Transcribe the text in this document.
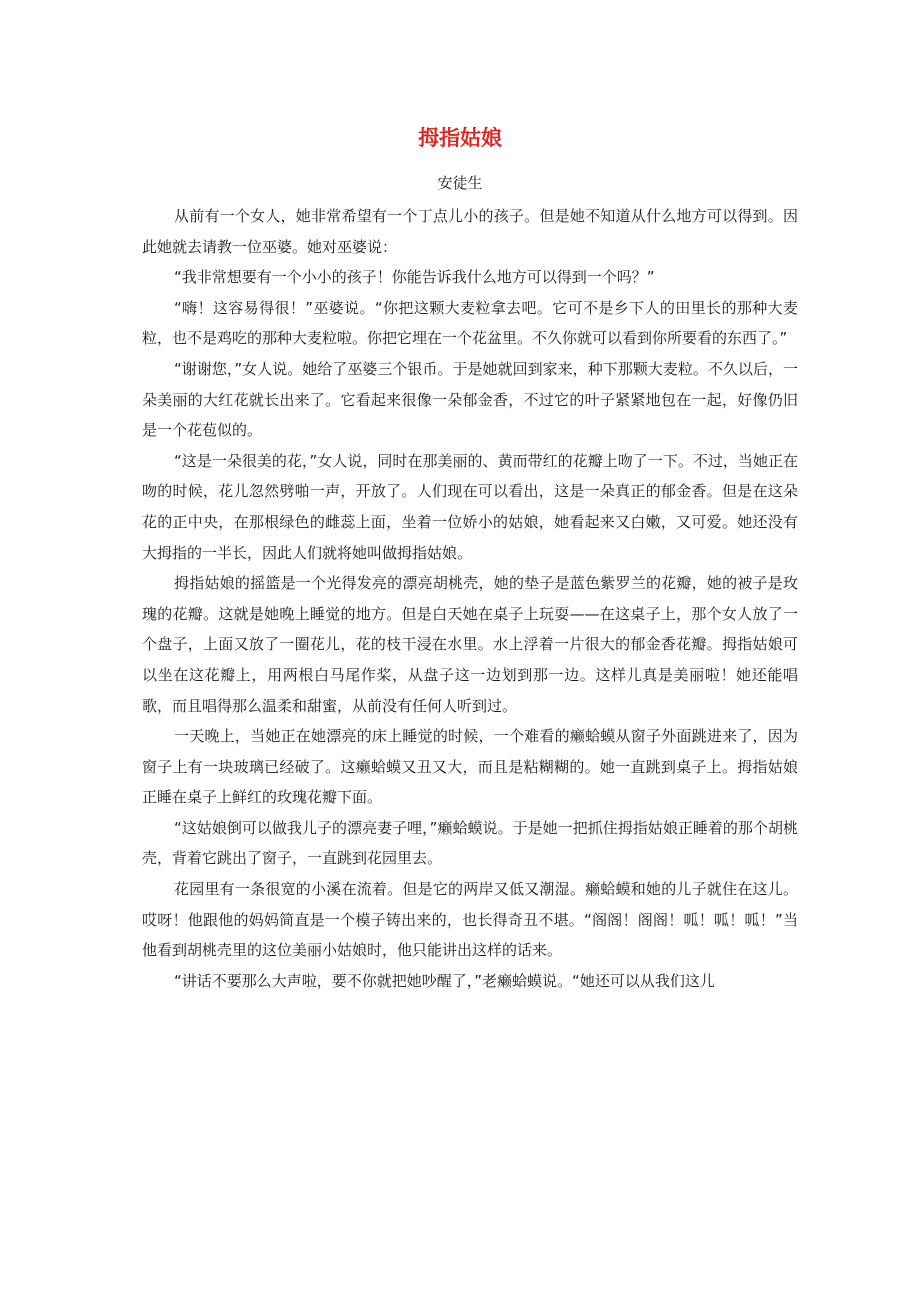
拇指姑娘
安徒生

从前有一个女人，她非常希望有一个丁点儿小的孩子。但是她不知道从什么地方可以得到。因此她就去请教一位巫婆。她对巫婆说：

“我非常想要有一个小小的孩子！你能告诉我什么地方可以得到一个吗？”

“嗨！这容易得很！”巫婆说。“你把这颗大麦粒拿去吧。它可不是乡下人的田里长的那种大麦粒，也不是鸡吃的那种大麦粒啦。你把它埋在一个花盆里。不久你就可以看到你所要看的东西了。”

“谢谢您，”女人说。她给了巫婆三个银币。于是她就回到家来，种下那颗大麦粒。不久以后，一朵美丽的大红花就长出来了。它看起来很像一朵郁金香，不过它的叶子紧紧地包在一起，好像仍旧是一个花苞似的。

“这是一朵很美的花，”女人说，同时在那美丽的、黄而带红的花瓣上吻了一下。不过，当她正在吻的时候，花儿忽然劈啪一声，开放了。人们现在可以看出，这是一朵真正的郁金香。但是在这朵花的正中央，在那根绿色的雌蕊上面，坐着一位娇小的姑娘，她看起来又白嫩，又可爱。她还没有大拇指的一半长，因此人们就将她叫做拇指姑娘。

拇指姑娘的摇篮是一个光得发亮的漂亮胡桃壳，她的垫子是蓝色紫罗兰的花瓣，她的被子是玫瑰的花瓣。这就是她晚上睡觉的地方。但是白天她在桌子上玩耍——在这桌子上，那个女人放了一个盘子，上面又放了一圈花儿，花的枝干浸在水里。水上浮着一片很大的郁金香花瓣。拇指姑娘可以坐在这花瓣上，用两根白马尾作桨，从盘子这一边划到那一边。这样儿真是美丽啦！她还能唱歌，而且唱得那么温柔和甜蜜，从前没有任何人听到过。

一天晚上，当她正在她漂亮的床上睡觉的时候，一个难看的癞蛤蟆从窗子外面跳进来了，因为窗子上有一块玻璃已经破了。这癞蛤蟆又丑又大，而且是粘糊糊的。她一直跳到桌子上。拇指姑娘正睡在桌子上鲜红的玫瑰花瓣下面。

“这姑娘倒可以做我儿子的漂亮妻子哩，”癞蛤蟆说。于是她一把抓住拇指姑娘正睡着的那个胡桃壳，背着它跳出了窗子，一直跳到花园里去。

花园里有一条很宽的小溪在流着。但是它的两岸又低又潮湿。癞蛤蟆和她的儿子就住在这儿。哎呀！他跟他的妈妈简直是一个模子铸出来的，也长得奇丑不堪。“阁阁！阁阁！呱！呱！呱！”当他看到胡桃壳里的这位美丽小姑娘时，他只能讲出这样的话来。

“讲话不要那么大声啦，要不你就把她吵醒了，”老癞蛤蟆说。“她还可以从我们这儿
